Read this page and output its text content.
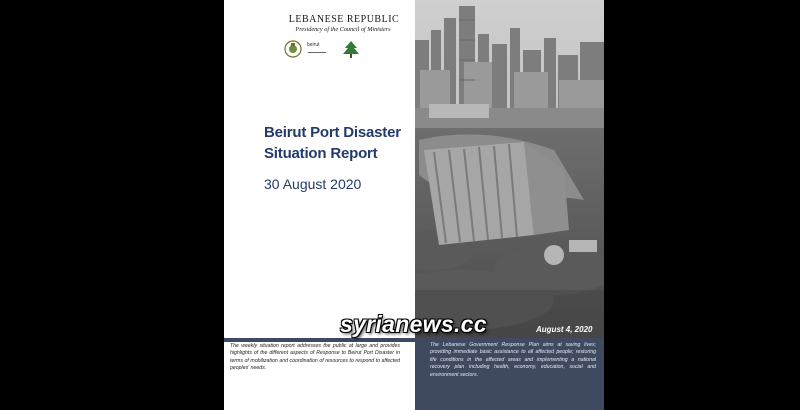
LEBANESE REPUBLIC
Presidency of the Council of Ministers
beirut
Beirut Port Disaster
Situation Report
30 August 2020
August 4, 2020
The weekly situation report addresses the public at large and provides highlights of the different aspects of Response to Beirut Port Disaster in terms of mobilization and coordination of resources to respond to affected peoples' needs.
The Lebanese Government Response Plan aims at saving lives; providing immediate basic assistance to all affected people; restoring life conditions in the affected areas and implementing a national recovery plan including health, economy, education, social and environment sectors.
syrianews.cc
